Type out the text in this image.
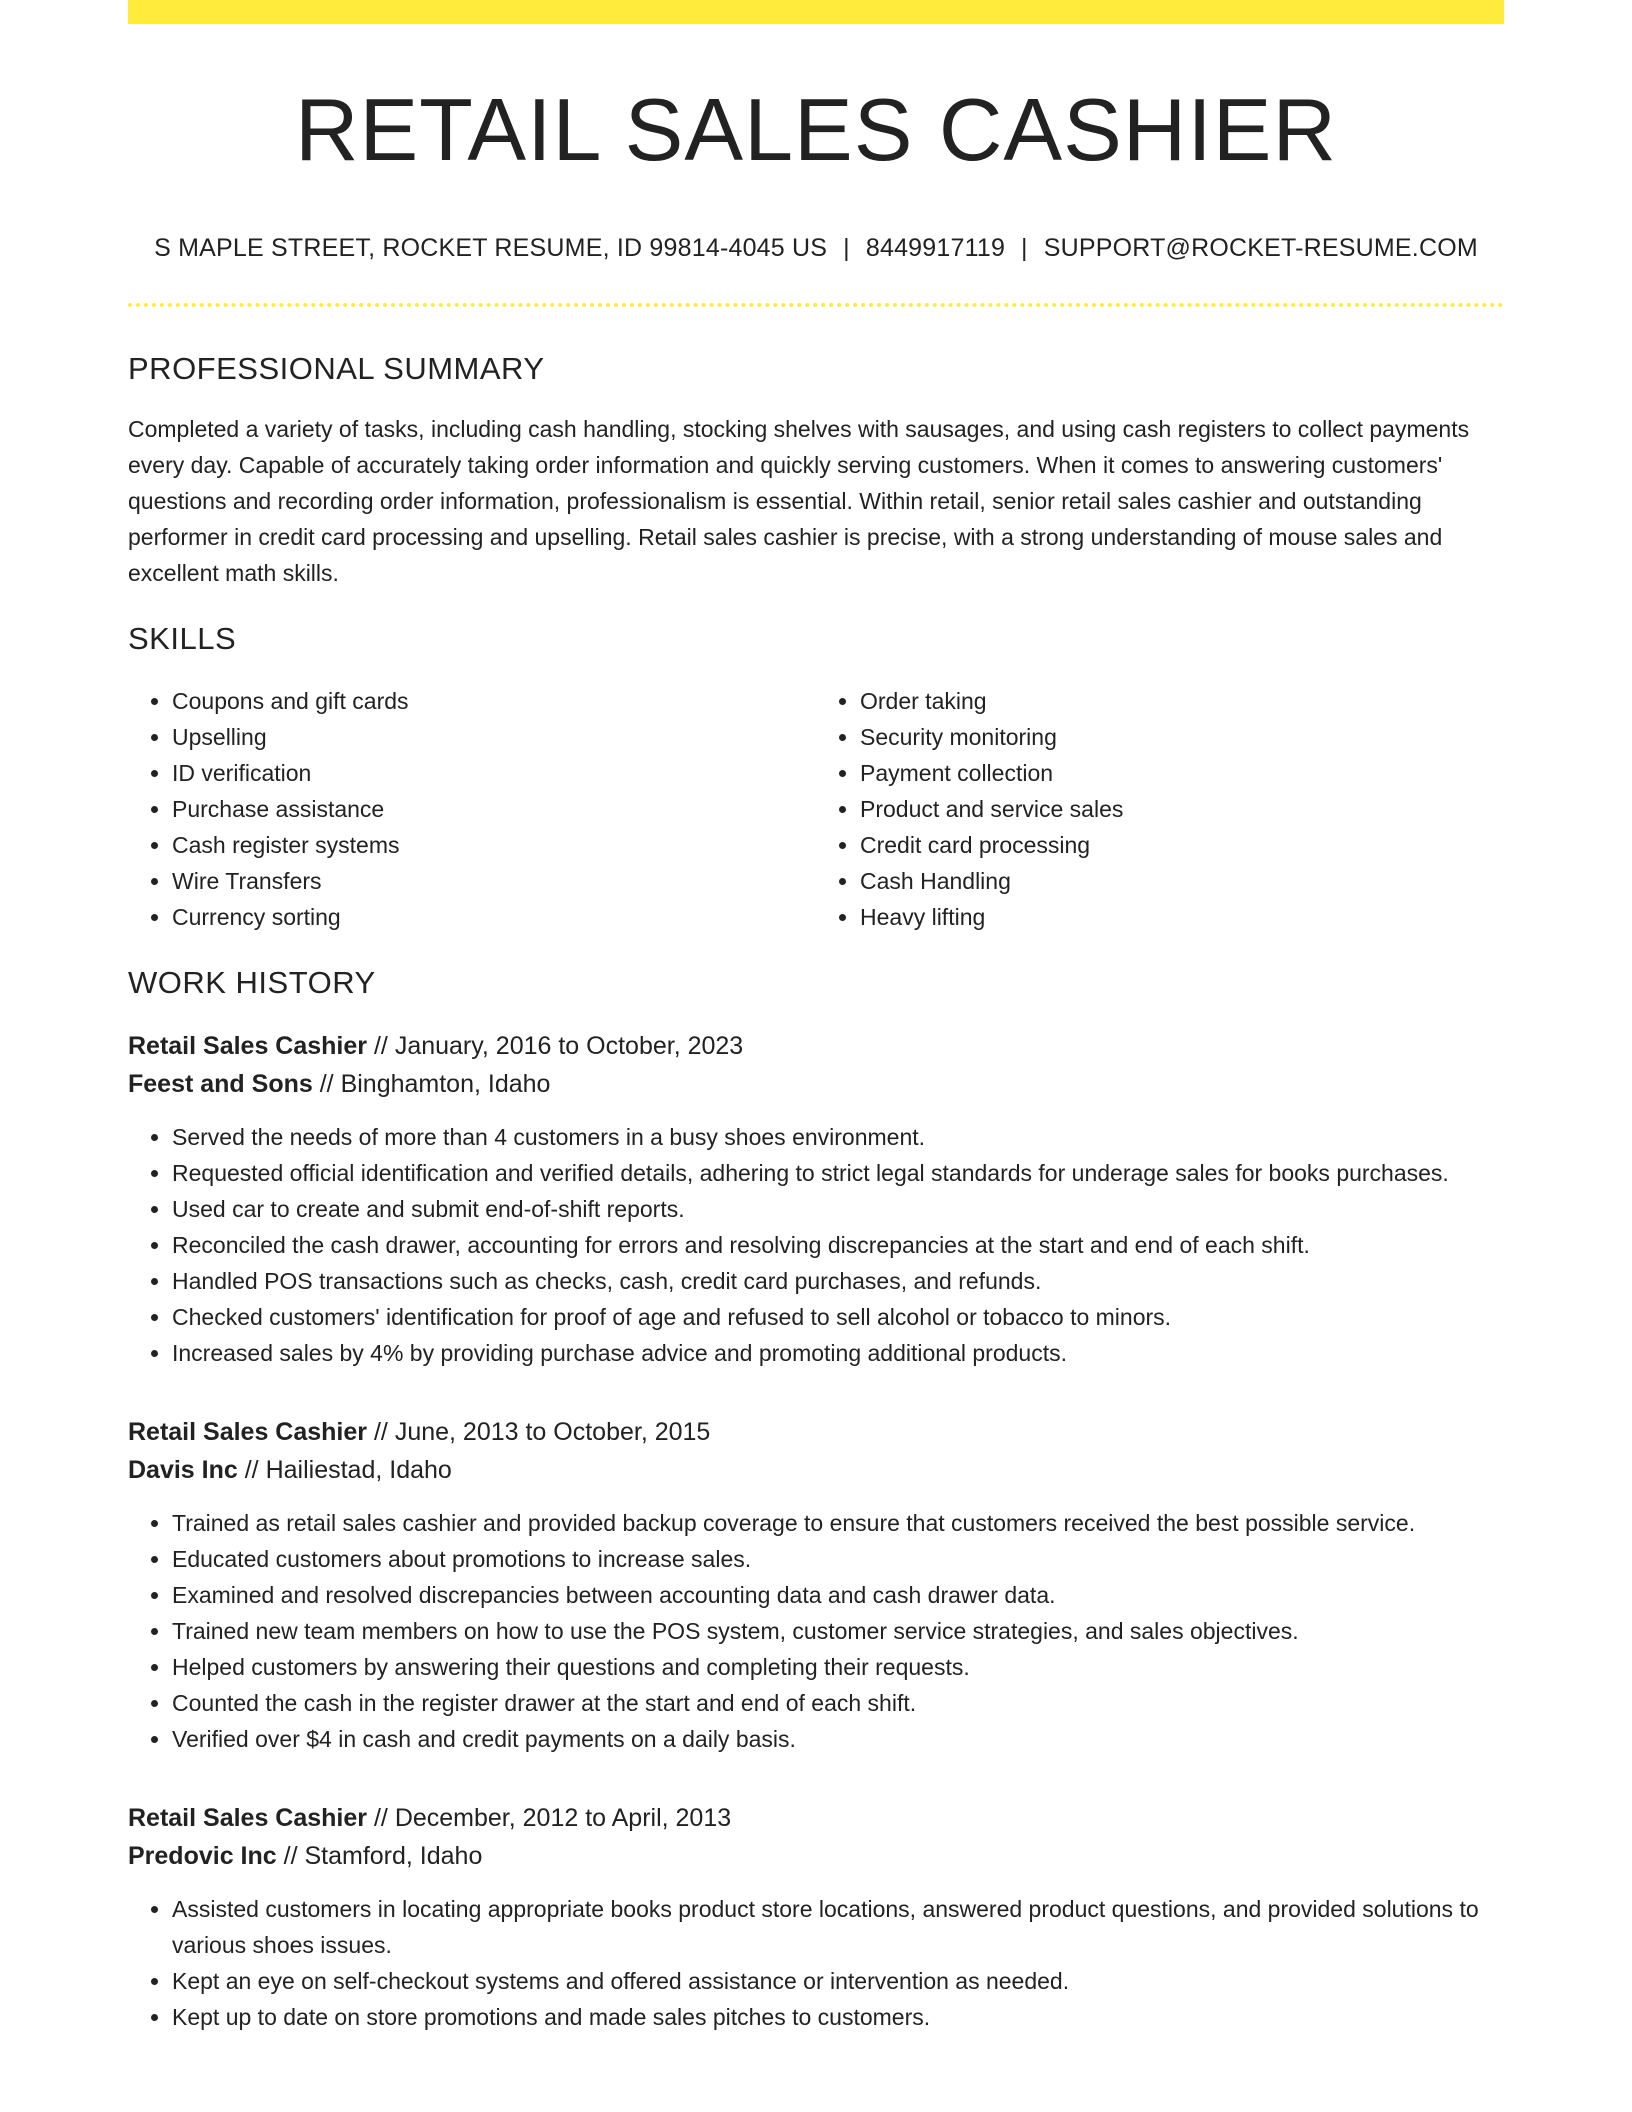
RETAIL SALES CASHIER
S MAPLE STREET, ROCKET RESUME, ID 99814-4045 US | 8449917119 | SUPPORT@ROCKET-RESUME.COM
PROFESSIONAL SUMMARY

Completed a variety of tasks, including cash handling, stocking shelves with sausages, and using cash registers to collect payments every day. Capable of accurately taking order information and quickly serving customers. When it comes to answering customers' questions and recording order information, professionalism is essential. Within retail, senior retail sales cashier and outstanding performer in credit card processing and upselling. Retail sales cashier is precise, with a strong understanding of mouse sales and excellent math skills.

SKILLS
• Coupons and gift cards
• Upselling
• ID verification
• Purchase assistance
• Cash register systems
• Wire Transfers
• Currency sorting
• Order taking
• Security monitoring
• Payment collection
• Product and service sales
• Credit card processing
• Cash Handling
• Heavy lifting
WORK HISTORY
Retail Sales Cashier // January, 2016 to October, 2023
Feest and Sons // Binghamton, Idaho
• Served the needs of more than 4 customers in a busy shoes environment.
• Requested official identification and verified details, adhering to strict legal standards for underage sales for books purchases.
• Used car to create and submit end-of-shift reports.
• Reconciled the cash drawer, accounting for errors and resolving discrepancies at the start and end of each shift.
• Handled POS transactions such as checks, cash, credit card purchases, and refunds.
• Checked customers' identification for proof of age and refused to sell alcohol or tobacco to minors.
• Increased sales by 4% by providing purchase advice and promoting additional products.
Retail Sales Cashier // June, 2013 to October, 2015
Davis Inc // Hailiestad, Idaho
• Trained as retail sales cashier and provided backup coverage to ensure that customers received the best possible service.
• Educated customers about promotions to increase sales.
• Examined and resolved discrepancies between accounting data and cash drawer data.
• Trained new team members on how to use the POS system, customer service strategies, and sales objectives.
• Helped customers by answering their questions and completing their requests.
• Counted the cash in the register drawer at the start and end of each shift.
• Verified over $4 in cash and credit payments on a daily basis.
Retail Sales Cashier // December, 2012 to April, 2013
Predovic Inc // Stamford, Idaho
• Assisted customers in locating appropriate books product store locations, answered product questions, and provided solutions to various shoes issues.
• Kept an eye on self-checkout systems and offered assistance or intervention as needed.
• Kept up to date on store promotions and made sales pitches to customers.
